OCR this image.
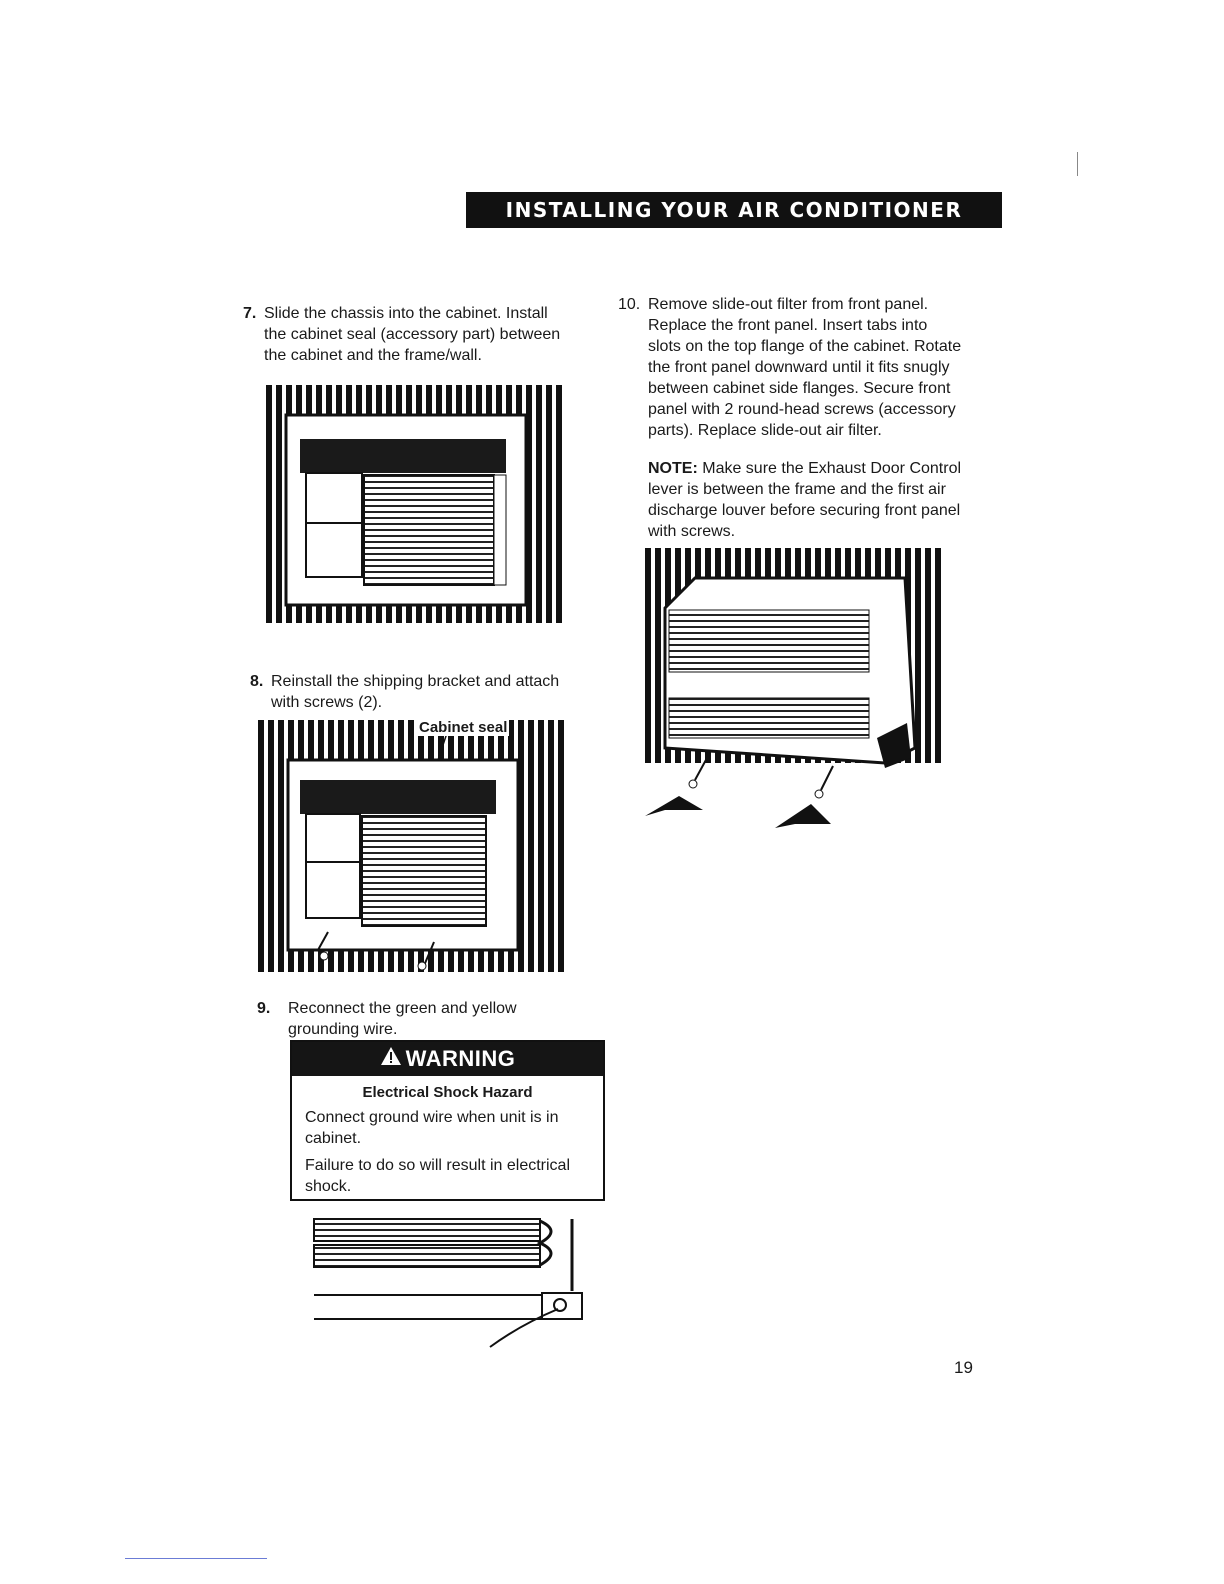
INSTALLING YOUR AIR CONDITIONER
7. Slide the chassis into the cabinet. Install the cabinet seal (accessory part) between the cabinet and the frame/wall.
8. Reinstall the shipping bracket and attach with screws (2).
Cabinet seal
9. Reconnect the green and yellow grounding wire.
WARNING
Electrical Shock Hazard

Connect ground wire when unit is in cabinet.

Failure to do so will result in electrical shock.

10. Remove slide-out filter from front panel. Replace the front panel. Insert tabs into slots on the top flange of the cabinet. Rotate the front panel downward until it fits snugly between cabinet side flanges. Secure front panel with 2 round-head screws (accessory parts). Replace slide-out air filter.
NOTE: Make sure the Exhaust Door Control lever is between the frame and the first air discharge louver before securing front panel with screws.
19
